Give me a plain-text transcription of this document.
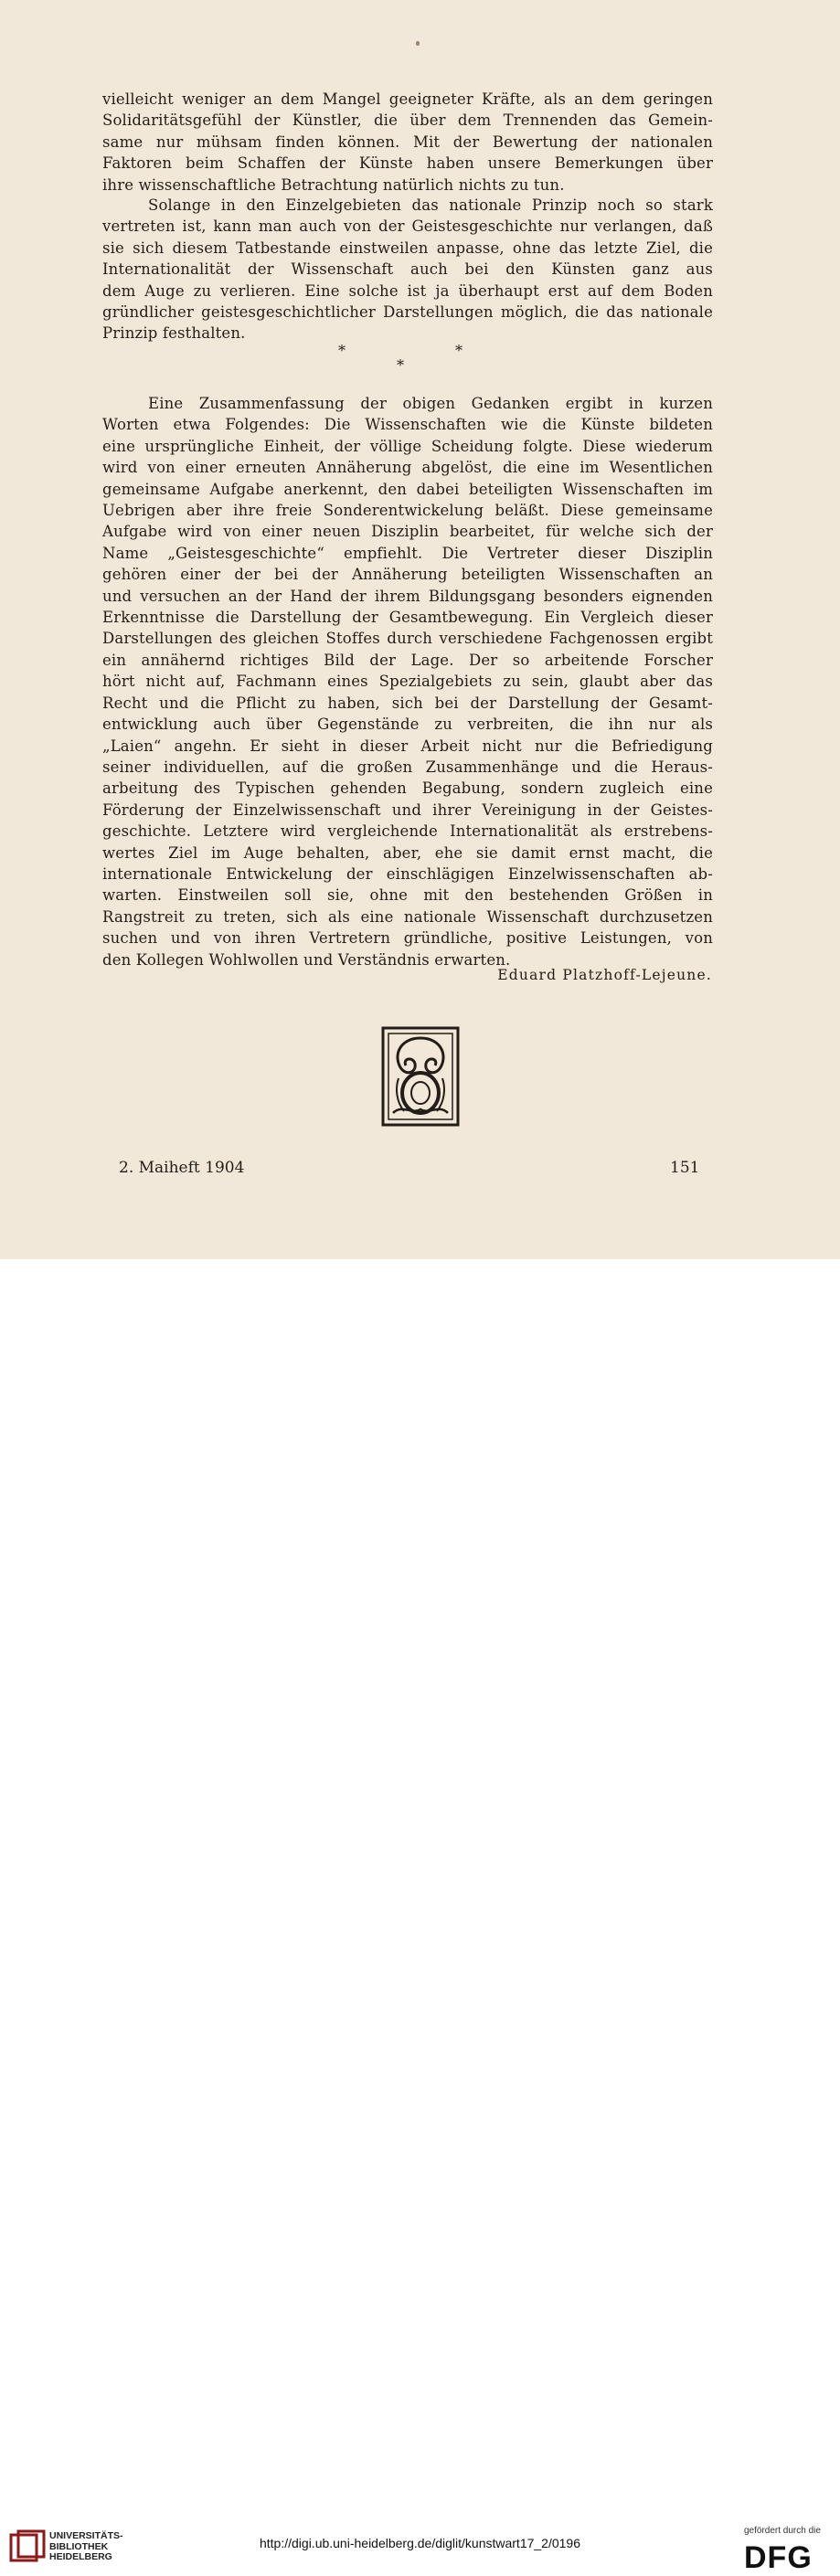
vielleicht weniger an dem Mangel geeigneter Kräfte, als an dem geringen
Solidaritätsgefühl der Künstler, die über dem Trennenden das Gemein-
same nur mühsam finden können. Mit der Bewertung der nationalen
Faktoren beim Schaffen der Künste haben unsere Bemerkungen über
ihre wissenschaftliche Betrachtung natürlich nichts zu tun.
Solange in den Einzelgebieten das nationale Prinzip noch so stark
vertreten ist, kann man auch von der Geistesgeschichte nur verlangen, daß
sie sich diesem Tatbestande einstweilen anpasse, ohne das letzte Ziel, die
Internationalität der Wissenschaft auch bei den Künsten ganz aus
dem Auge zu verlieren. Eine solche ist ja überhaupt erst auf dem Boden
gründlicher geistesgeschichtlicher Darstellungen möglich, die das nationale
Prinzip festhalten.
*	*
*
Eine Zusammenfassung der obigen Gedanken ergibt in kurzen
Worten etwa Folgendes: Die Wissenschaften wie die Künste bildeten
eine ursprüngliche Einheit, der völlige Scheidung folgte. Diese wiederum
wird von einer erneuten Annäherung abgelöst, die eine im Wesentlichen
gemeinsame Aufgabe anerkennt, den dabei beteiligten Wissenschaften im
Uebrigen aber ihre freie Sonderentwickelung beläßt. Diese gemeinsame
Aufgabe wird von einer neuen Disziplin bearbeitet, für welche sich der
Name „Geistesgeschichte“ empfiehlt. Die Vertreter dieser Disziplin
gehören einer der bei der Annäherung beteiligten Wissenschaften an
und versuchen an der Hand der ihrem Bildungsgang besonders eignenden
Erkenntnisse die Darstellung der Gesamtbewegung. Ein Vergleich dieser
Darstellungen des gleichen Stoffes durch verschiedene Fachgenossen ergibt
ein annähernd richtiges Bild der Lage. Der so arbeitende Forscher
hört nicht auf, Fachmann eines Spezialgebiets zu sein, glaubt aber das
Recht und die Pflicht zu haben, sich bei der Darstellung der Gesamt-
entwicklung auch über Gegenstände zu verbreiten, die ihn nur als
„Laien“ angehn. Er sieht in dieser Arbeit nicht nur die Befriedigung
seiner individuellen, auf die großen Zusammenhänge und die Heraus-
arbeitung des Typischen gehenden Begabung, sondern zugleich eine
Förderung der Einzelwissenschaft und ihrer Vereinigung in der Geistes-
geschichte. Letztere wird vergleichende Internationalität als erstrebens-
wertes Ziel im Auge behalten, aber, ehe sie damit ernst macht, die
internationale Entwickelung der einschlägigen Einzelwissenschaften ab-
warten. Einstweilen soll sie, ohne mit den bestehenden Größen in
Rangstreit zu treten, sich als eine nationale Wissenschaft durchzusetzen
suchen und von ihren Vertretern gründliche, positive Leistungen, von
den Kollegen Wohlwollen und Verständnis erwarten.
Eduard Platzhoff-Lejeune.
2. Maiheft 1904	151
UNIVERSITÄTS-
BIBLIOTHEK
HEIDELBERG
http://digi.ub.uni-heidelberg.de/diglit/kunstwart17_2/0196
gefördert durch die
DFG
